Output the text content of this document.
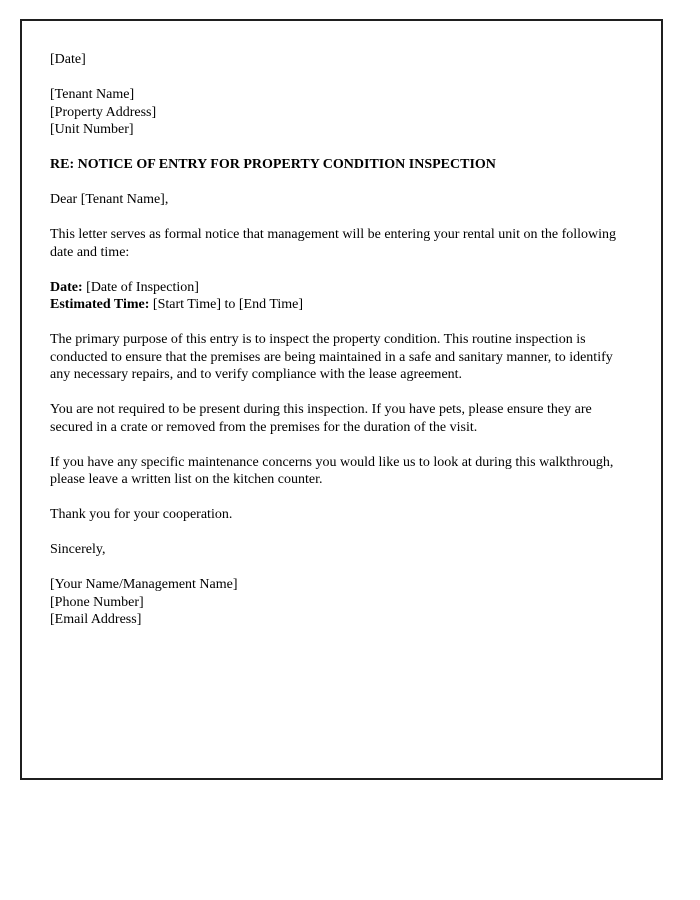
[Date]

[Tenant Name]

[Property Address]

[Unit Number]

RE: NOTICE OF ENTRY FOR PROPERTY CONDITION INSPECTION

Dear [Tenant Name],

This letter serves as formal notice that management will be entering your rental unit on the following date and time:

Date: [Date of Inspection]

Estimated Time: [Start Time] to [End Time]

The primary purpose of this entry is to inspect the property condition. This routine inspection is conducted to ensure that the premises are being maintained in a safe and sanitary manner, to identify any necessary repairs, and to verify compliance with the lease agreement.

You are not required to be present during this inspection. If you have pets, please ensure they are secured in a crate or removed from the premises for the duration of the visit.

If you have any specific maintenance concerns you would like us to look at during this walkthrough, please leave a written list on the kitchen counter.

Thank you for your cooperation.

Sincerely,

[Your Name/Management Name]

[Phone Number]

[Email Address]
